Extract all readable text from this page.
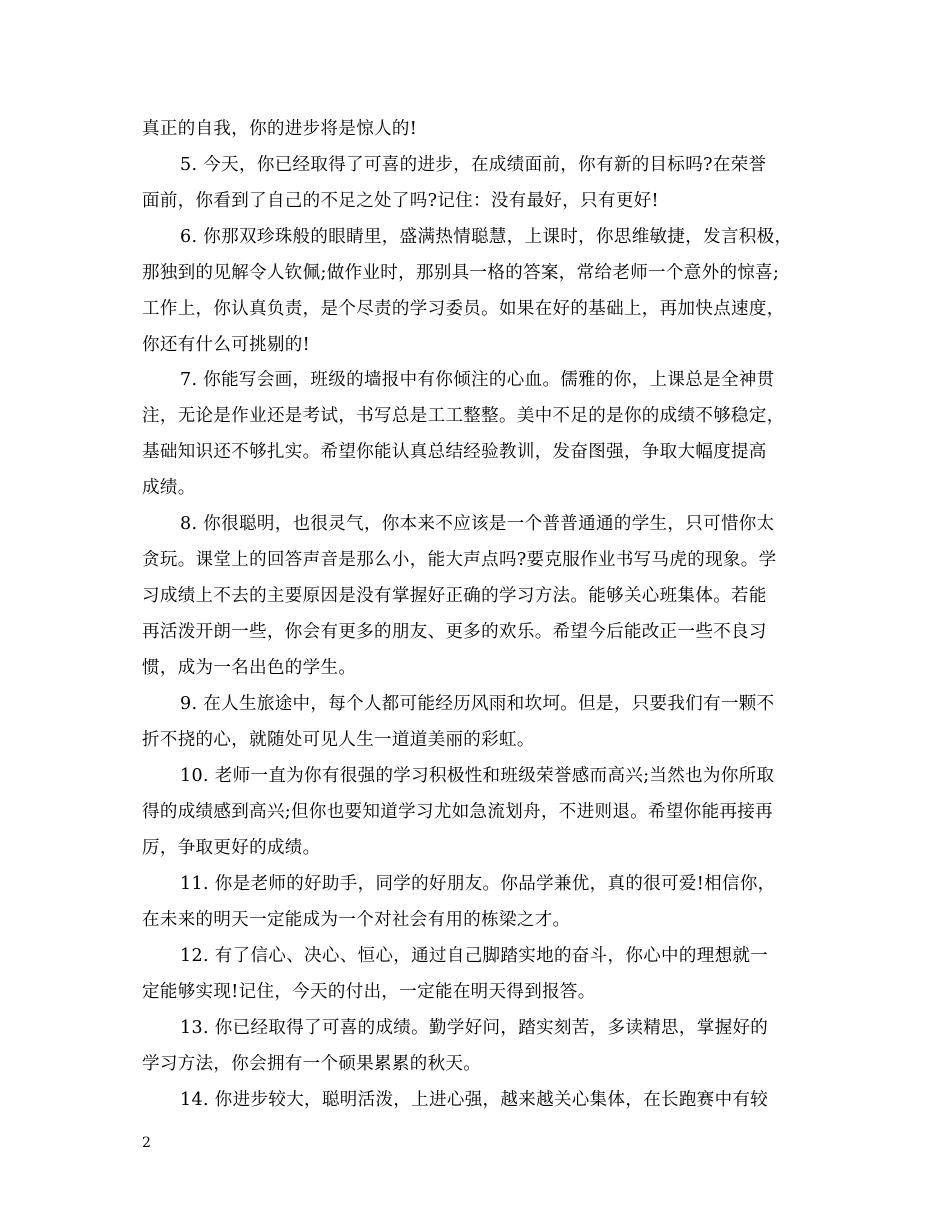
真正的自我，你的进步将是惊人的!
5. 今天，你已经取得了可喜的进步，在成绩面前，你有新的目标吗?在荣誉
面前，你看到了自己的不足之处了吗?记住：没有最好，只有更好!
6. 你那双珍珠般的眼睛里，盛满热情聪慧，上课时，你思维敏捷，发言积极，
那独到的见解令人钦佩;做作业时，那别具一格的答案，常给老师一个意外的惊喜;
工作上，你认真负责，是个尽责的学习委员。如果在好的基础上，再加快点速度，
你还有什么可挑剔的!
7. 你能写会画，班级的墙报中有你倾注的心血。儒雅的你，上课总是全神贯
注，无论是作业还是考试，书写总是工工整整。美中不足的是你的成绩不够稳定，
基础知识还不够扎实。希望你能认真总结经验教训，发奋图强，争取大幅度提高
成绩。
8. 你很聪明，也很灵气，你本来不应该是一个普普通通的学生，只可惜你太
贪玩。课堂上的回答声音是那么小，能大声点吗?要克服作业书写马虎的现象。学
习成绩上不去的主要原因是没有掌握好正确的学习方法。能够关心班集体。若能
再活泼开朗一些，你会有更多的朋友、更多的欢乐。希望今后能改正一些不良习
惯，成为一名出色的学生。
9. 在人生旅途中，每个人都可能经历风雨和坎坷。但是，只要我们有一颗不
折不挠的心，就随处可见人生一道道美丽的彩虹。
10. 老师一直为你有很强的学习积极性和班级荣誉感而高兴;当然也为你所取
得的成绩感到高兴;但你也要知道学习尤如急流划舟，不进则退。希望你能再接再
厉，争取更好的成绩。
11. 你是老师的好助手，同学的好朋友。你品学兼优，真的很可爱!相信你，
在未来的明天一定能成为一个对社会有用的栋梁之才。
12. 有了信心、决心、恒心，通过自己脚踏实地的奋斗，你心中的理想就一
定能够实现!记住，今天的付出，一定能在明天得到报答。
13. 你已经取得了可喜的成绩。勤学好问，踏实刻苦，多读精思，掌握好的
学习方法，你会拥有一个硕果累累的秋天。
14. 你进步较大，聪明活泼，上进心强，越来越关心集体，在长跑赛中有较
2
